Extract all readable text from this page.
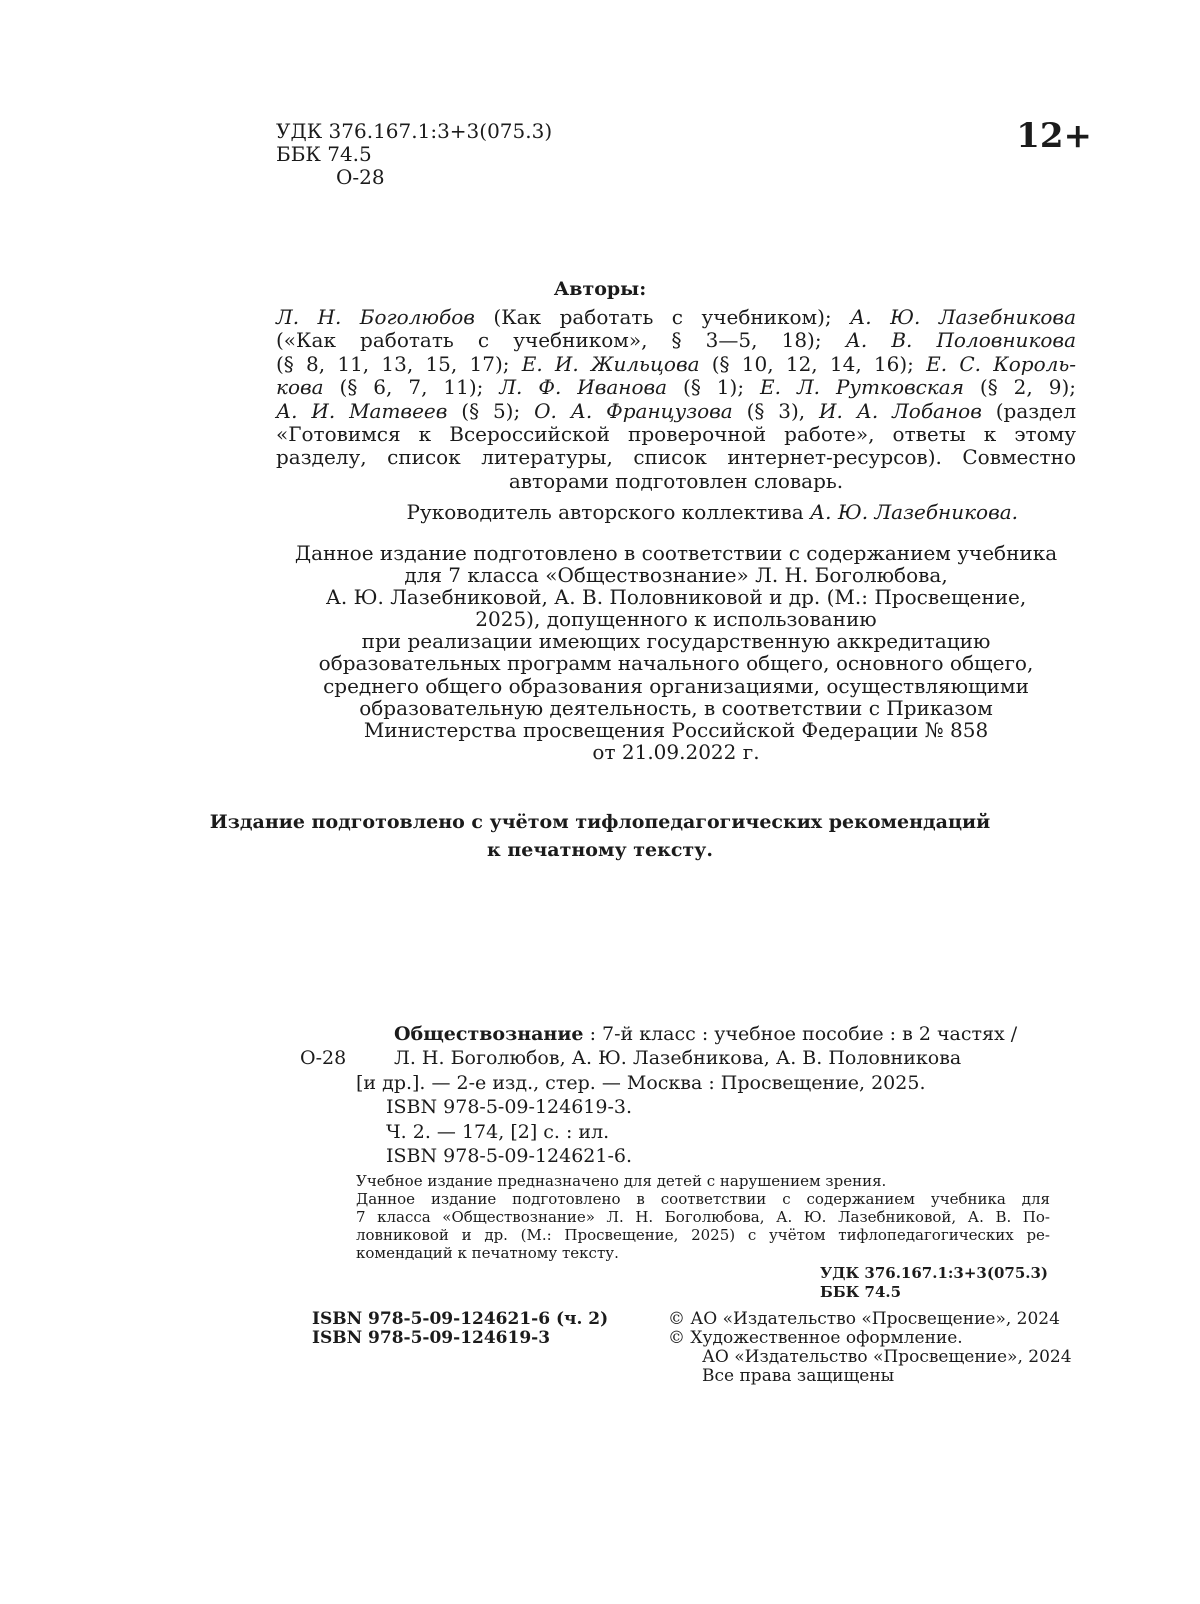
УДК 376.167.1:3+3(075.3)
ББК 74.5
О-28
12+
Авторы:
Л. Н. Боголюбов (Как работать с учебником); А. Ю. Лазебникова
(«Как работать с учебником», § 3—5, 18); А. В. Половникова
(§ 8, 11, 13, 15, 17); Е. И. Жильцова (§ 10, 12, 14, 16); Е. С. Король-
кова (§ 6, 7, 11); Л. Ф. Иванова (§ 1); Е. Л. Рутковская (§ 2, 9);
А. И. Матвеев (§ 5); О. А. Французова (§ 3), И. А. Лобанов (раздел
«Готовимся к Всероссийской проверочной работе», ответы к этому
разделу, список литературы, список интернет-ресурсов). Совместно
авторами подготовлен словарь.
Руководитель авторского коллектива А. Ю. Лазебникова.
Данное издание подготовлено в соответствии с содержанием учебника
для 7 класса «Обществознание» Л. Н. Боголюбова,
А. Ю. Лазебниковой, А. В. Половниковой и др. (М.: Просвещение,
2025), допущенного к использованию
при реализации имеющих государственную аккредитацию
образовательных программ начального общего, основного общего,
среднего общего образования организациями, осуществляющими
образовательную деятельность, в соответствии с Приказом
Министерства просвещения Российской Федерации № 858
от 21.09.2022 г.
Издание подготовлено с учётом тифлопедагогических рекомендаций
к печатному тексту.
Обществознание : 7-й класс : учебное пособие : в 2 частях /
О-28	Л. Н. Боголюбов, А. Ю. Лазебникова, А. В. Половникова
[и др.]. — 2-е изд., стер. — Москва : Просвещение, 2025.
ISBN 978-5-09-124619-3.
Ч. 2. — 174, [2] с. : ил.
ISBN 978-5-09-124621-6.
Учебное издание предназначено для детей с нарушением зрения.
Данное издание подготовлено в соответствии с содержанием учебника для
7 класса «Обществознание» Л. Н. Боголюбова, А. Ю. Лазебниковой, А. В. По-
ловниковой и др. (М.: Просвещение, 2025) с учётом тифлопедагогических ре-
комендаций к печатному тексту.
УДК 376.167.1:3+3(075.3)
ББК 74.5
ISBN 978-5-09-124621-6 (ч. 2)
ISBN 978-5-09-124619-3
© АО «Издательство «Просвещение», 2024
© Художественное оформление.
АО «Издательство «Просвещение», 2024
Все права защищены
